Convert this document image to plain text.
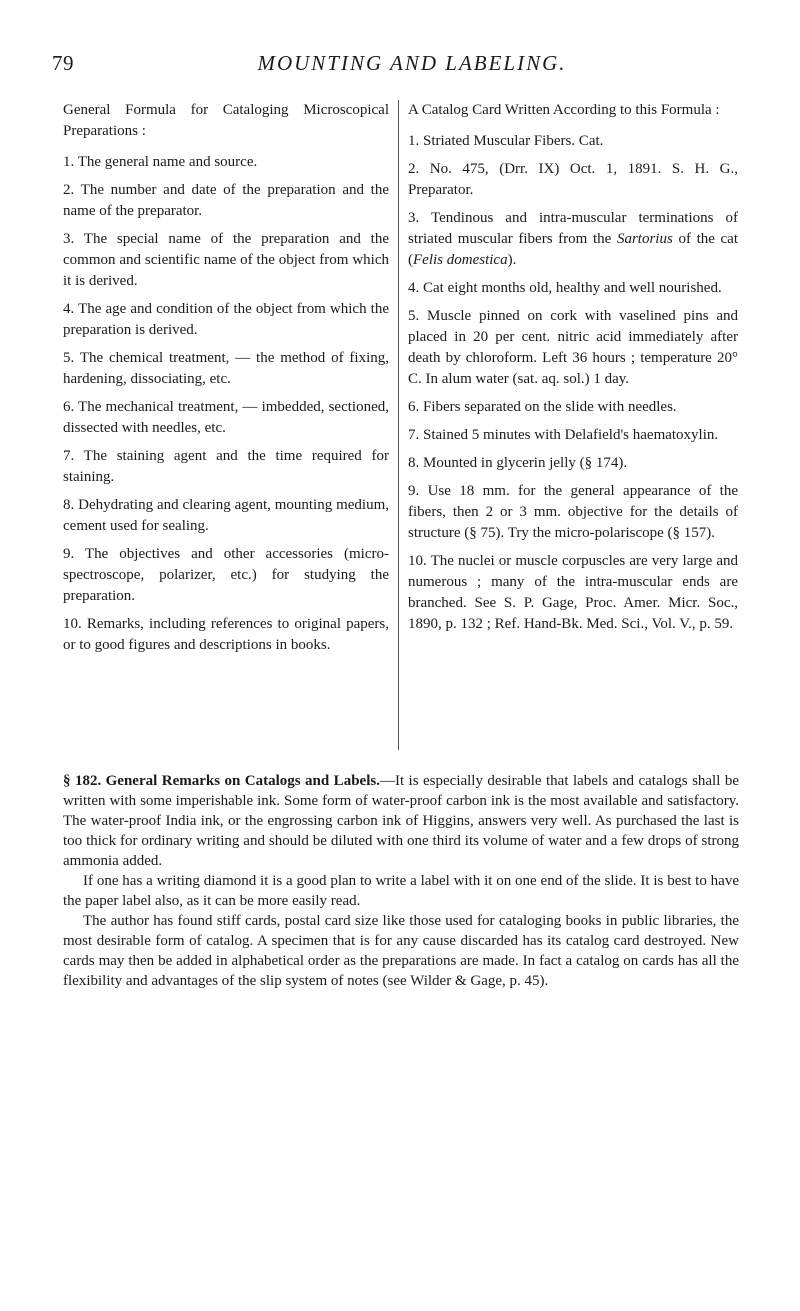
79	MOUNTING AND LABELING.

General Formula for Cataloging Microscopical Preparations :

1. The general name and source.

2. The number and date of the preparation and the name of the preparator.

3. The special name of the preparation and the common and scientific name of the object from which it is derived.

4. The age and condition of the object from which the preparation is derived.

5. The chemical treatment, — the method of fixing, hardening, dissociating, etc.

6. The mechanical treatment, — imbedded, sectioned, dissected with needles, etc.

7. The staining agent and the time required for staining.

8. Dehydrating and clearing agent, mounting medium, cement used for sealing.

9. The objectives and other accessories (micro-spectroscope, polarizer, etc.) for studying the preparation.

10. Remarks, including references to original papers, or to good figures and descriptions in books.

A Catalog Card Written According to this Formula :

1. Striated Muscular Fibers. Cat.

2. No. 475, (Drr. IX) Oct. 1, 1891. S. H. G., Preparator.

3. Tendinous and intra-muscular terminations of striated muscular fibers from the Sartorius of the cat (Felis domestica).

4. Cat eight months old, healthy and well nourished.

5. Muscle pinned on cork with vaselined pins and placed in 20 per cent. nitric acid immediately after death by chloroform. Left 36 hours ; temperature 20° C. In alum water (sat. aq. sol.) 1 day.

6. Fibers separated on the slide with needles.

7. Stained 5 minutes with Delafield's haematoxylin.

8. Mounted in glycerin jelly (§ 174).

9. Use 18 mm. for the general appearance of the fibers, then 2 or 3 mm. objective for the details of structure (§ 75). Try the micro-polariscope (§ 157).

10. The nuclei or muscle corpuscles are very large and numerous ; many of the intra-muscular ends are branched. See S. P. Gage, Proc. Amer. Micr. Soc., 1890, p. 132 ; Ref. Hand-Bk. Med. Sci., Vol. V., p. 59.

§ 182. General Remarks on Catalogs and Labels.—It is especially desirable that labels and catalogs shall be written with some imperishable ink. Some form of water-proof carbon ink is the most available and satisfactory. The water-proof India ink, or the engrossing carbon ink of Higgins, answers very well. As purchased the last is too thick for ordinary writing and should be diluted with one third its volume of water and a few drops of strong ammonia added.

If one has a writing diamond it is a good plan to write a label with it on one end of the slide. It is best to have the paper label also, as it can be more easily read.

The author has found stiff cards, postal card size like those used for cataloging books in public libraries, the most desirable form of catalog. A specimen that is for any cause discarded has its catalog card destroyed. New cards may then be added in alphabetical order as the preparations are made. In fact a catalog on cards has all the flexibility and advantages of the slip system of notes (see Wilder & Gage, p. 45).
